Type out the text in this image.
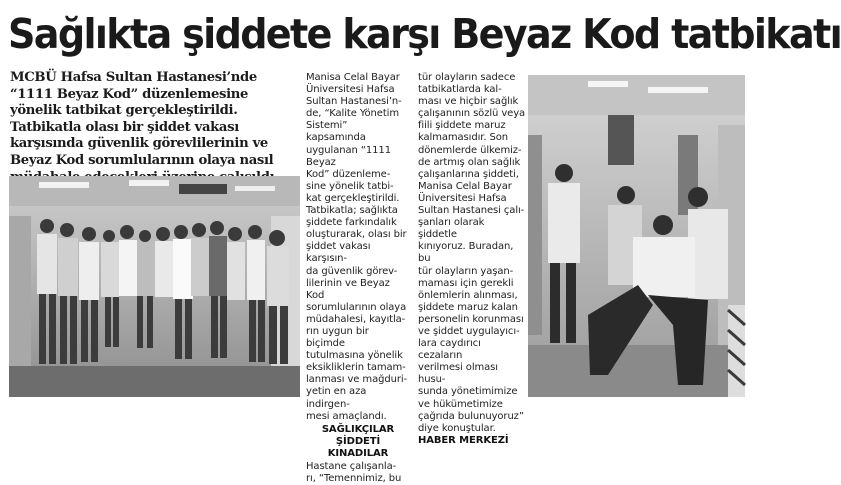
Sağlıkta şiddete karşı Beyaz Kod tatbikatı

MCBÜ Hafsa Sultan Hastanesi’nde “1111 Beyaz Kod” düzenlemesine yönelik tatbikat gerçekleştirildi. Tatbikatla olası bir şiddet vakası karşısında güvenlik görevlilerinin ve Beyaz Kod sorumlularının olaya nasıl

Manisa Celal Bayar
Üniversitesi Hafsa
Sultan Hastanesi’n-
de, “Kalite Yönetim
Sistemi” kapsamında
uygulanan “1111 Beyaz
Kod” düzenleme-
sine yönelik tatbi-
kat gerçekleştirildi.
Tatbikatla; sağlıkta
şiddete farkındalık
oluşturarak, olası bir
şiddet vakası karşısın-
da güvenlik görev-
lilerinin ve Beyaz Kod
sorumlularının olaya
müdahalesi, kayıtla-
rın uygun bir biçimde
tutulmasına yönelik
eksikliklerin tamam-
lanması ve mağduri-
yetin en aza indirgen-
mesi amaçlandı.

SAĞLIKÇILAR ŞİDDETİ
KINADILAR

Hastane çalışanla-
rı, “Temennimiz, bu

tür olayların sadece
tatbikatlarda kal-
ması ve hiçbir sağlık
çalışanının sözlü veya
fiili şiddete maruz
kalmamasıdır. Son
dönemlerde ülkemiz-
de artmış olan sağlık
çalışanlarına şiddeti,
Manisa Celal Bayar
Üniversitesi Hafsa
Sultan Hastanesi çalı-
şanları olarak şiddetle
kınıyoruz. Buradan, bu
tür olayların yaşan-
maması için gerekli
önlemlerin alınması,
şiddete maruz kalan
personelin korunması
ve şiddet uygulayıcı-
lara caydırıcı cezaların
verilmesi olması husu-
sunda yönetimimize
ve hükümetimize
çağrıda bulunuyoruz”
diye konuştular.

HABER MERKEZİ
